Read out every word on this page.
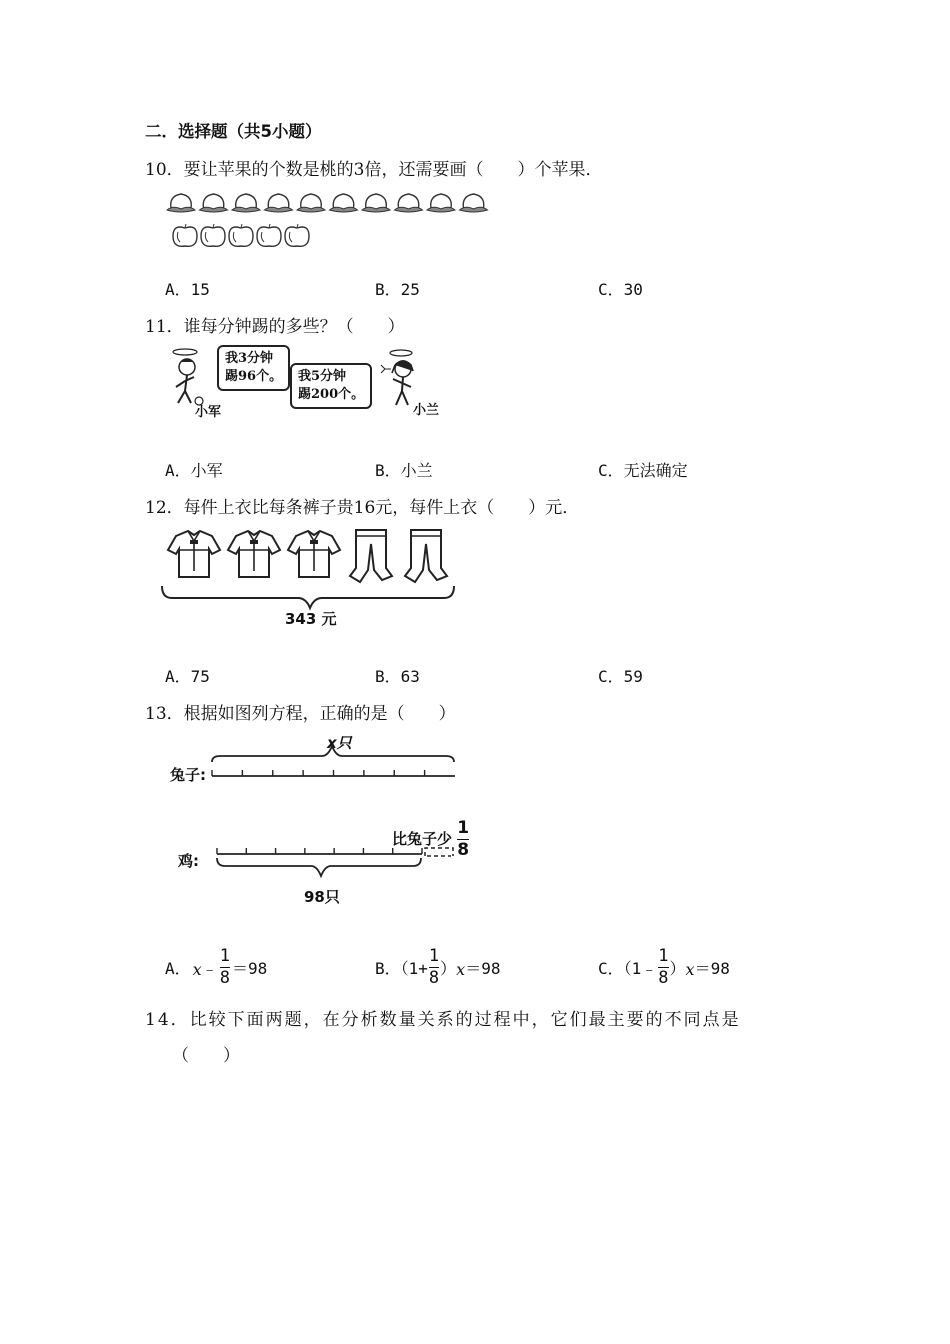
二．选择题（共5小题）
10．要让苹果的个数是桃的3倍，还需要画（　　）个苹果．
A．15	B．25	C．30
11．谁每分钟踢的多些？（　　）
我3分钟
踢96个。 我5分钟
踢200个。
小军	小兰
A．小军	B．小兰	C．无法确定
12．每件上衣比每条裤子贵16元，每件上衣（　　）元．
343 元
A．75	B．63	C．59
13．根据如图列方程，正确的是（　　）
兔子:
x只
比兔子少 $\frac{1}{8}$
鸡:
98只
A． x ﹣ $\frac{1}{8} =98$	B．（$1+ \frac{1}{8}$ ） x ＝98	C．（1﹣ $\frac{1}{8}$ ） x ＝98
14．比较下面两题，在分析数量关系的过程中，它们最主要的不同点是
（　　）
